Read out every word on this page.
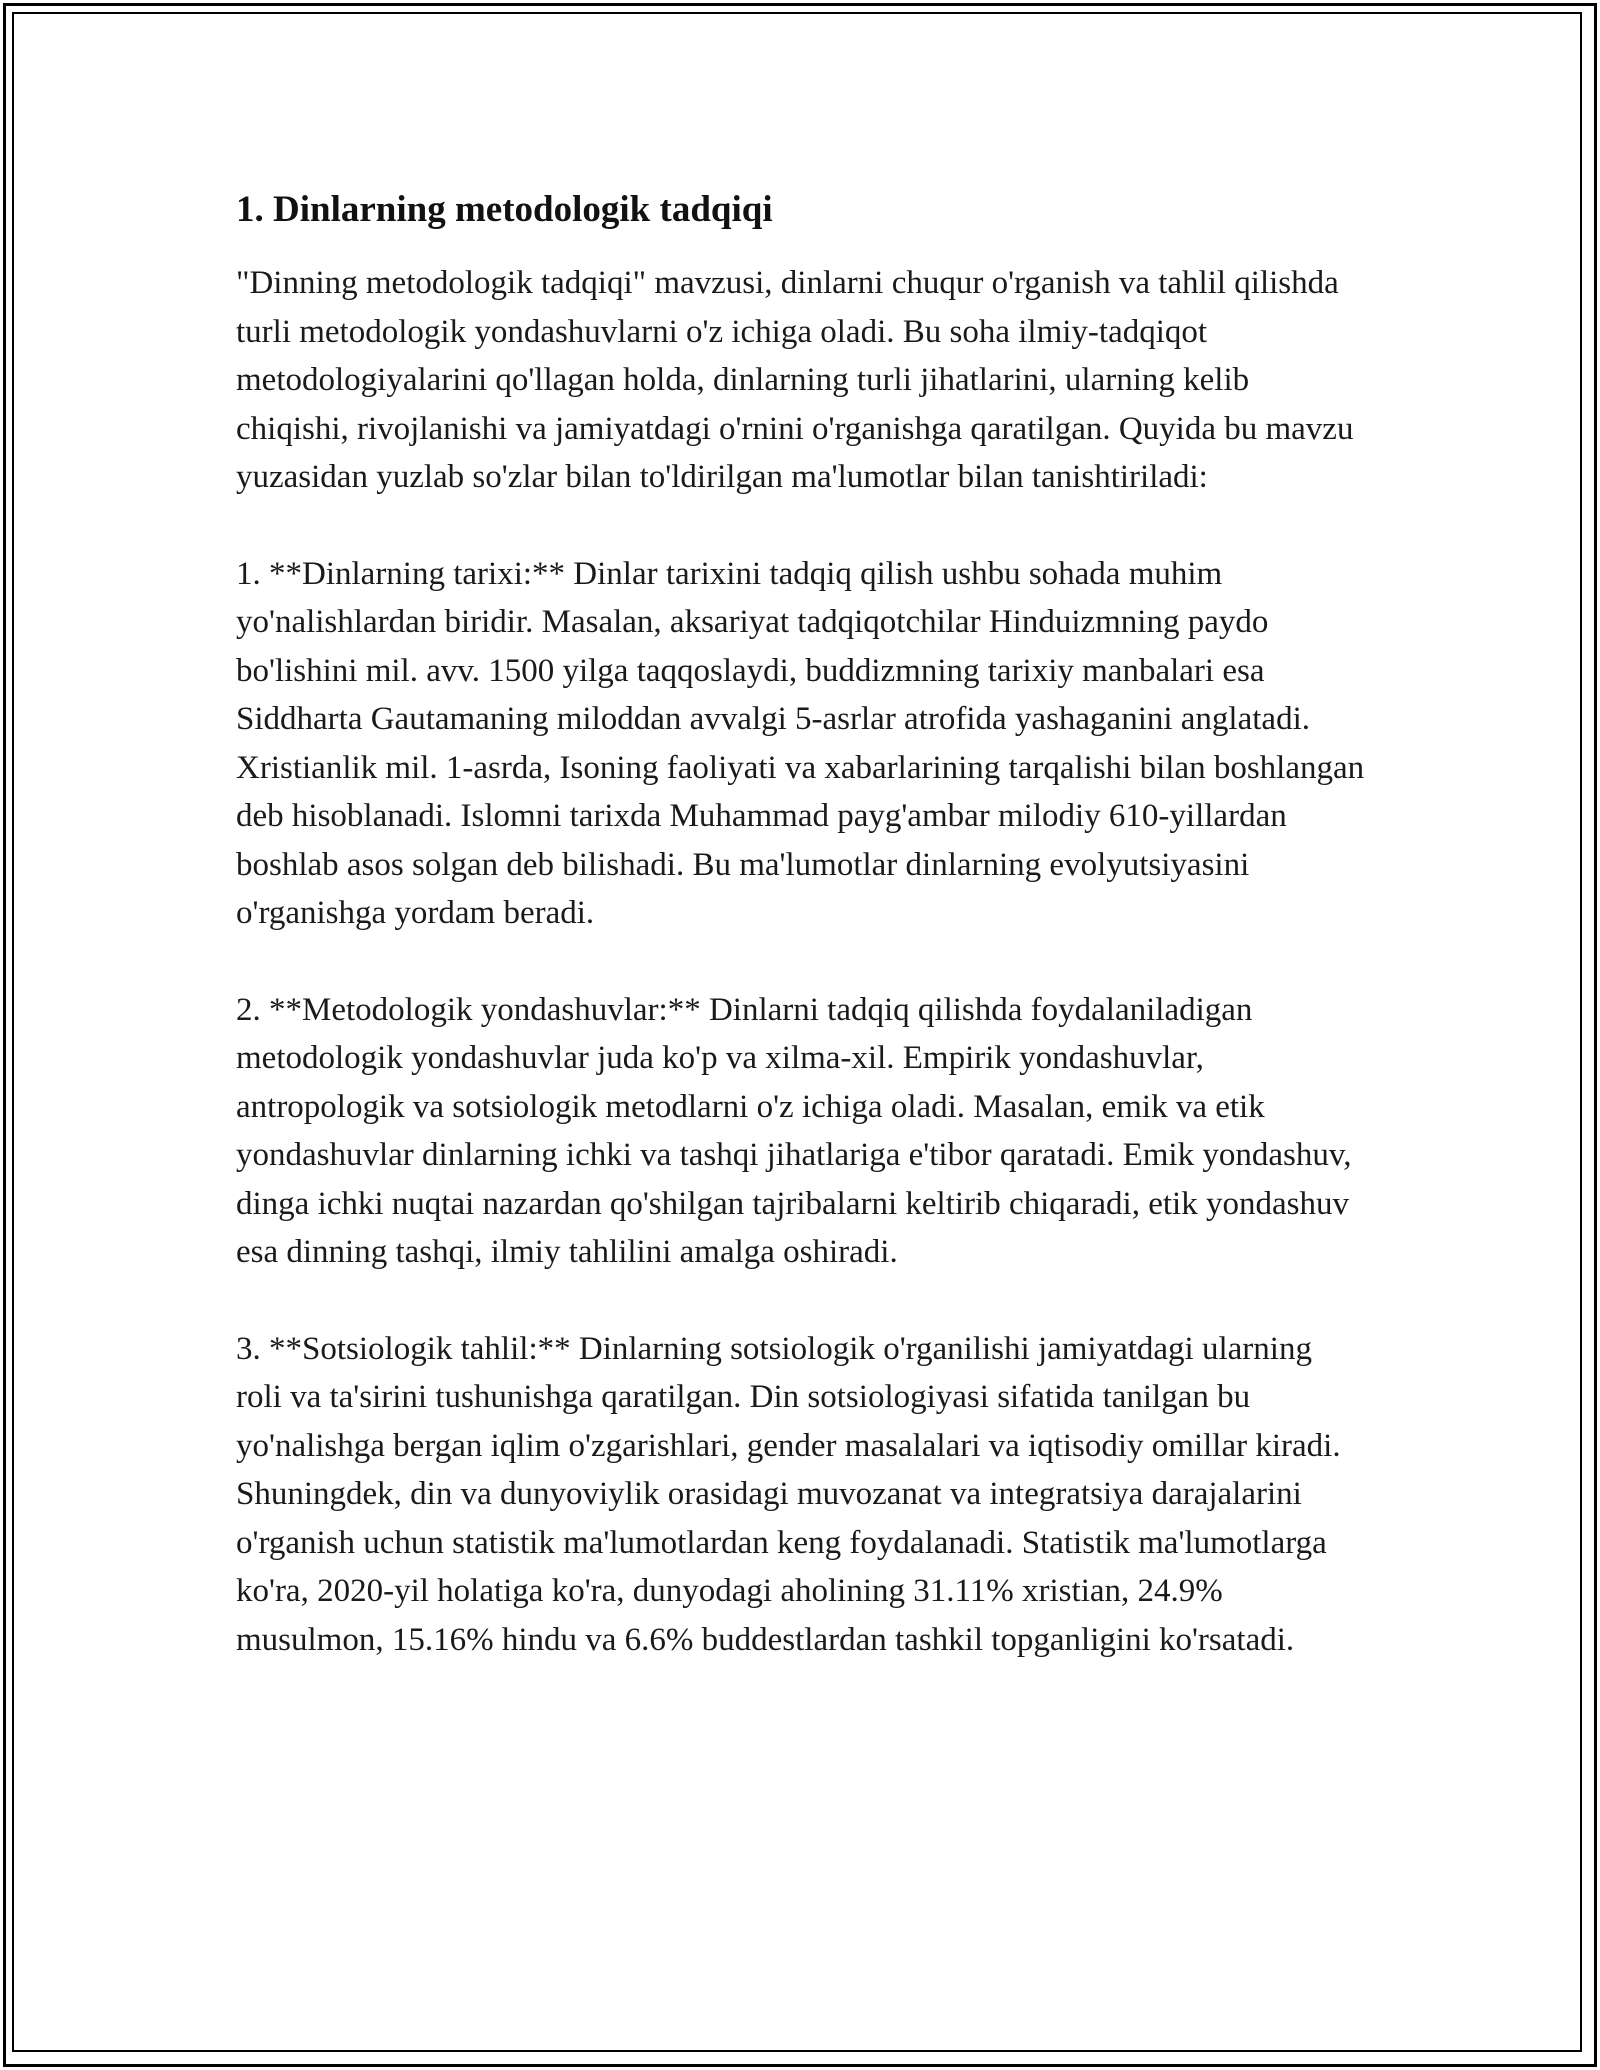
1. Dinlarning metodologik tadqiqi

"Dinning metodologik tadqiqi" mavzusi, dinlarni chuqur o'rganish va tahlil qilishda turli metodologik yondashuvlarni o'z ichiga oladi. Bu soha ilmiy-tadqiqot metodologiyalarini qo'llagan holda, dinlarning turli jihatlarini, ularning kelib chiqishi, rivojlanishi va jamiyatdagi o'rnini o'rganishga qaratilgan. Quyida bu mavzu yuzasidan yuzlab so'zlar bilan to'ldirilgan ma'lumotlar bilan tanishtiriladi:

1. **Dinlarning tarixi:** Dinlar tarixini tadqiq qilish ushbu sohada muhim yo'nalishlardan biridir. Masalan, aksariyat tadqiqotchilar Hinduizmning paydo bo'lishini mil. avv. 1500 yilga taqqoslaydi, buddizmning tarixiy manbalari esa Siddharta Gautamaning miloddan avvalgi 5-asrlar atrofida yashaganini anglatadi. Xristianlik mil. 1-asrda, Isoning faoliyati va xabarlarining tarqalishi bilan boshlangan deb hisoblanadi. Islomni tarixda Muhammad payg'ambar milodiy 610-yillardan boshlab asos solgan deb bilishadi. Bu ma'lumotlar dinlarning evolyutsiyasini o'rganishga yordam beradi.

2. **Metodologik yondashuvlar:** Dinlarni tadqiq qilishda foydalaniladigan metodologik yondashuvlar juda ko'p va xilma-xil. Empirik yondashuvlar, antropologik va sotsiologik metodlarni o'z ichiga oladi. Masalan, emik va etik yondashuvlar dinlarning ichki va tashqi jihatlariga e'tibor qaratadi. Emik yondashuv, dinga ichki nuqtai nazardan qo'shilgan tajribalarni keltirib chiqaradi, etik yondashuv esa dinning tashqi, ilmiy tahlilini amalga oshiradi.

3. **Sotsiologik tahlil:** Dinlarning sotsiologik o'rganilishi jamiyatdagi ularning roli va ta'sirini tushunishga qaratilgan. Din sotsiologiyasi sifatida tanilgan bu yo'nalishga bergan iqlim o'zgarishlari, gender masalalari va iqtisodiy omillar kiradi. Shuningdek, din va dunyoviylik orasidagi muvozanat va integratsiya darajalarini o'rganish uchun statistik ma'lumotlardan keng foydalanadi. Statistik ma'lumotlarga ko'ra, 2020-yil holatiga ko'ra, dunyodagi aholining 31.11% xristian, 24.9% musulmon, 15.16% hindu va 6.6% buddestlardan tashkil topganligini ko'rsatadi.
